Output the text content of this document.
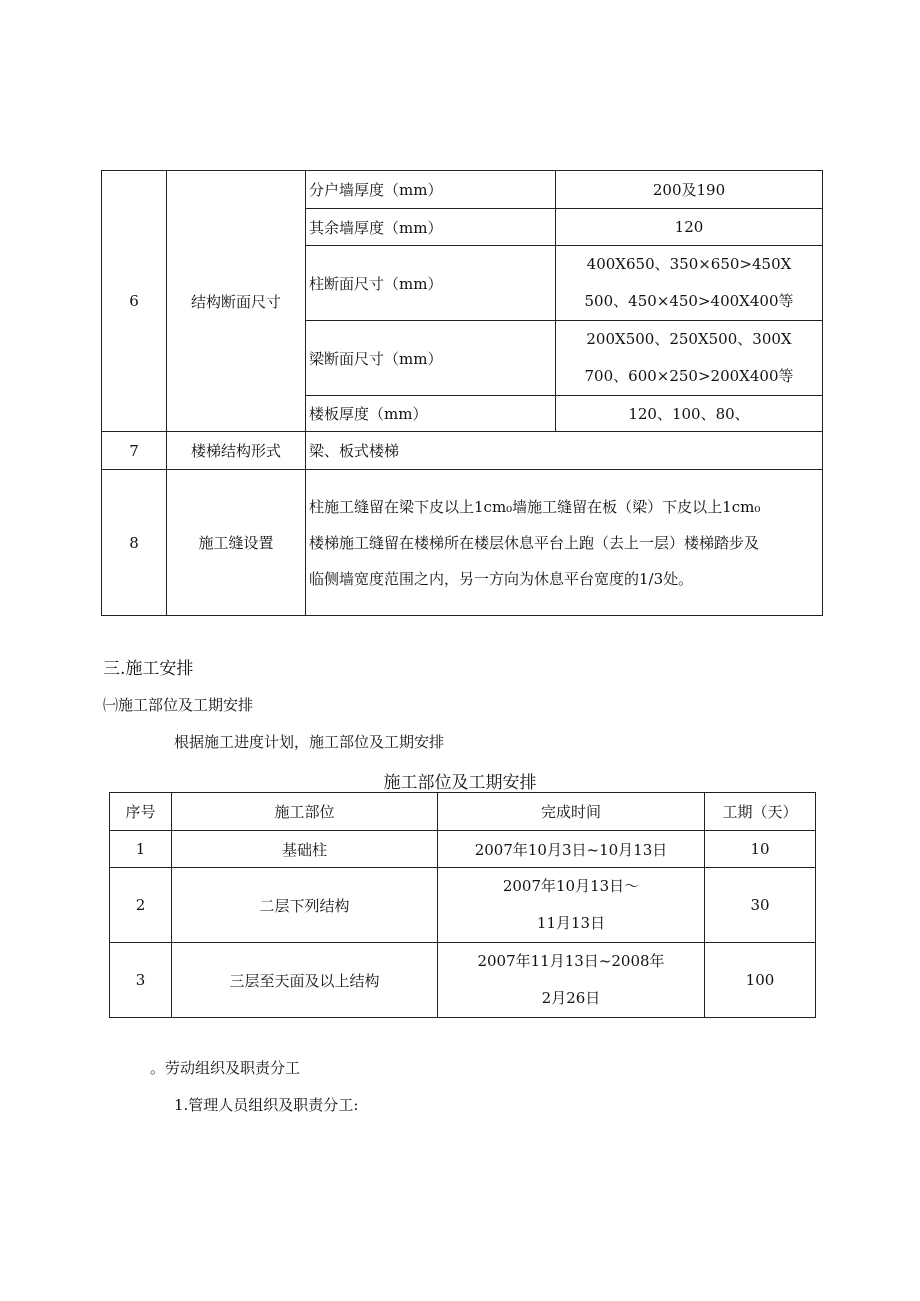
6	结构断面尺寸	分户墙厚度（mm）	200及190
		其余墙厚度（mm）	120
		柱断面尺寸（mm）	400X650、350×650>450X
500、450×450>400X400等

		梁断面尺寸（mm）	200X500、250X500、300X
700、600×250>200X400等

		楼板厚度（mm）	120、100、80、
7	楼梯结构形式	梁、板式楼梯	
8	施工缝设置	柱施工缝留在梁下皮以上1cm₀墙施工缝留在板（梁）下皮以上1cm₀
楼梯施工缝留在楼梯所在楼层休息平台上跑（去上一层）楼梯踏步及
临侧墙宽度范围之内，另一方向为休息平台宽度的1/3处。	
三.施工安排
㈠施工部位及工期安排
根据施工进度计划，施工部位及工期安排
施工部位及工期安排
序号	施工部位	完成时间	工期（天）
1	基础柱	2007年10月3日~10月13日	10
2	二层下列结构	2007年10月13日～
11月13日	30
3	三层至天面及以上结构	2007年11月13日~2008年
2月26日	100
。劳动组织及职责分工
1.管理人员组织及职责分工:
